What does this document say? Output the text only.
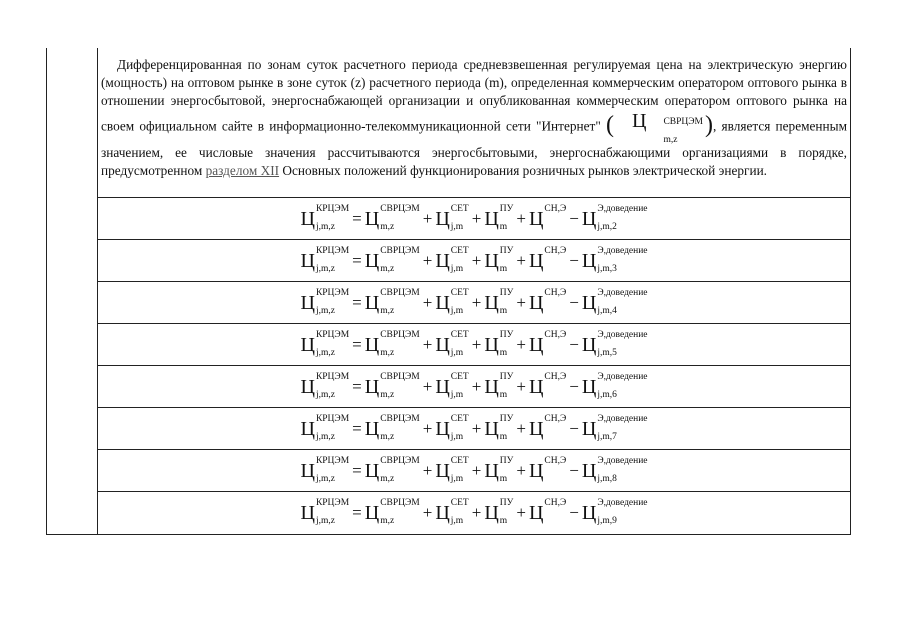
Дифференцированная по зонам суток расчетного периода средневзвешенная регулируемая цена на электрическую энергию (мощность) на оптовом рынке в зоне суток (z) расчетного периода (m), определенная коммерческим оператором оптового рынка в отношении энергосбытовой, энергоснабжающей организации и опубликованная коммерческим оператором оптового рынка на своем официальном сайте в информационно-телекоммуникационной сети "Интернет" ( Ц	СВРЦЭМ
m,z
), является переменным значением, ее числовые значения рассчитываются энергосбытовыми, энергоснабжающими организациями в порядке, предусмотренном разделом XII Основных положений функционирования розничных рынков электрической энергии.

Ц КРЦЭМ
j,m,z	= Ц СВРЦЭМ
m,z	+ Ц СЕТ
j,m + Ц ПУ
m + Ц СН,Э − Ц Э,доведение
j,m,2
Ц КРЦЭМ
j,m,z	= Ц СВРЦЭМ
m,z	+ Ц СЕТ
j,m + Ц ПУ
m + Ц СН,Э − Ц Э,доведение
j,m,3
Ц КРЦЭМ
j,m,z	= Ц СВРЦЭМ
m,z	+ Ц СЕТ
j,m + Ц ПУ
m + Ц СН,Э − Ц Э,доведение
j,m,4
Ц КРЦЭМ
j,m,z	= Ц СВРЦЭМ
m,z	+ Ц СЕТ
j,m + Ц ПУ
m + Ц СН,Э − Ц Э,доведение
j,m,5
Ц КРЦЭМ
j,m,z	= Ц СВРЦЭМ
m,z	+ Ц СЕТ
j,m + Ц ПУ
m + Ц СН,Э − Ц Э,доведение
j,m,6
Ц КРЦЭМ
j,m,z	= Ц СВРЦЭМ
m,z	+ Ц СЕТ
j,m + Ц ПУ
m + Ц СН,Э − Ц Э,доведение
j,m,7
Ц КРЦЭМ
j,m,z	= Ц СВРЦЭМ
m,z	+ Ц СЕТ
j,m + Ц ПУ
m + Ц СН,Э − Ц Э,доведение
j,m,8
Ц КРЦЭМ
j,m,z	= Ц СВРЦЭМ
m,z	+ Ц СЕТ
j,m + Ц ПУ
m + Ц СН,Э − Ц Э,доведение
j,m,9
